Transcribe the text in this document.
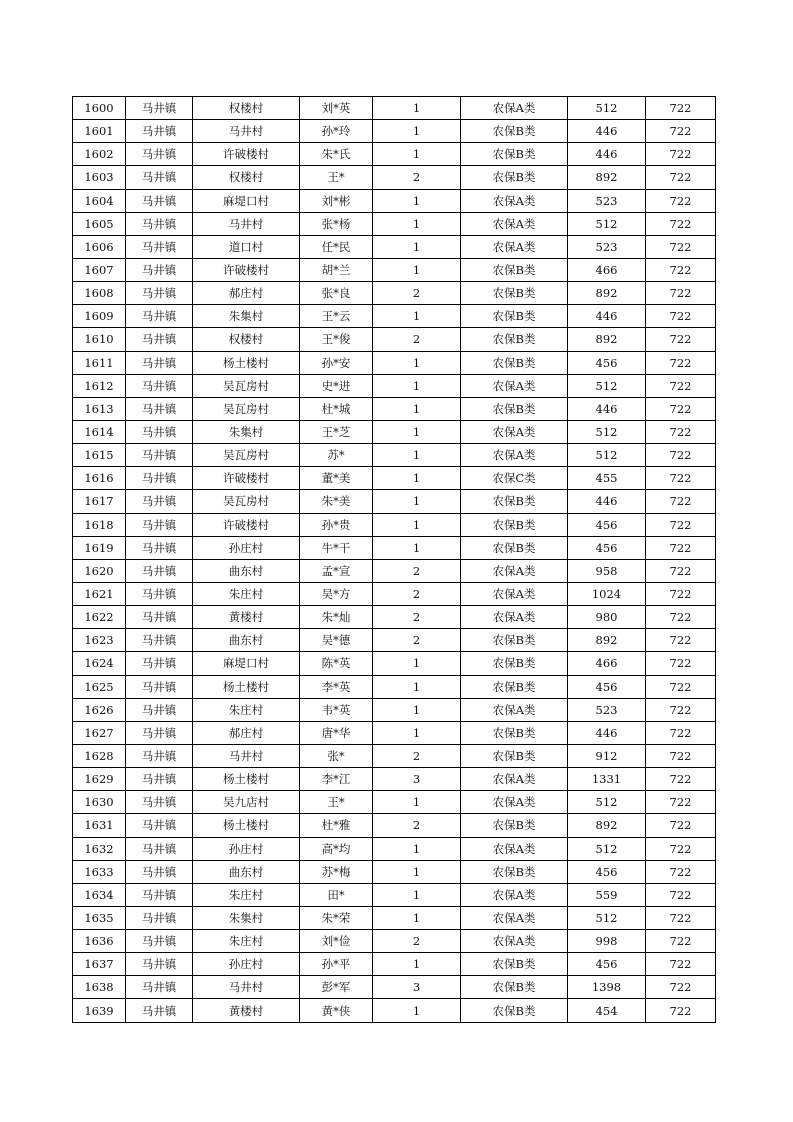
1600	马井镇	权楼村	刘*英	1	农保A类	512	722
1601	马井镇	马井村	孙*玲	1	农保B类	446	722
1602	马井镇	许破楼村	朱*氏	1	农保B类	446	722
1603	马井镇	权楼村	王*	2	农保B类	892	722
1604	马井镇	麻堤口村	刘*彬	1	农保A类	523	722
1605	马井镇	马井村	张*杨	1	农保A类	512	722
1606	马井镇	道口村	任*民	1	农保A类	523	722
1607	马井镇	许破楼村	胡*兰	1	农保B类	466	722
1608	马井镇	郝庄村	张*良	2	农保B类	892	722
1609	马井镇	朱集村	王*云	1	农保B类	446	722
1610	马井镇	权楼村	王*俊	2	农保B类	892	722
1611	马井镇	杨土楼村	孙*安	1	农保B类	456	722
1612	马井镇	吴瓦房村	史*进	1	农保A类	512	722
1613	马井镇	吴瓦房村	杜*城	1	农保B类	446	722
1614	马井镇	朱集村	王*芝	1	农保A类	512	722
1615	马井镇	吴瓦房村	苏*	1	农保A类	512	722
1616	马井镇	许破楼村	董*美	1	农保C类	455	722
1617	马井镇	吴瓦房村	朱*美	1	农保B类	446	722
1618	马井镇	许破楼村	孙*贵	1	农保B类	456	722
1619	马井镇	孙庄村	牛*干	1	农保B类	456	722
1620	马井镇	曲东村	孟*宣	2	农保A类	958	722
1621	马井镇	朱庄村	吴*方	2	农保A类	1024	722
1622	马井镇	黄楼村	朱*灿	2	农保A类	980	722
1623	马井镇	曲东村	吴*德	2	农保B类	892	722
1624	马井镇	麻堤口村	陈*英	1	农保B类	466	722
1625	马井镇	杨土楼村	李*英	1	农保B类	456	722
1626	马井镇	朱庄村	韦*英	1	农保A类	523	722
1627	马井镇	郝庄村	唐*华	1	农保B类	446	722
1628	马井镇	马井村	张*	2	农保B类	912	722
1629	马井镇	杨土楼村	李*江	3	农保A类	1331	722
1630	马井镇	吴九店村	王*	1	农保A类	512	722
1631	马井镇	杨土楼村	杜*雅	2	农保B类	892	722
1632	马井镇	孙庄村	高*均	1	农保A类	512	722
1633	马井镇	曲东村	苏*梅	1	农保B类	456	722
1634	马井镇	朱庄村	田*	1	农保A类	559	722
1635	马井镇	朱集村	朱*荣	1	农保A类	512	722
1636	马井镇	朱庄村	刘*俭	2	农保A类	998	722
1637	马井镇	孙庄村	孙*平	1	农保B类	456	722
1638	马井镇	马井村	彭*军	3	农保B类	1398	722
1639	马井镇	黄楼村	黄*侠	1	农保B类	454	722
